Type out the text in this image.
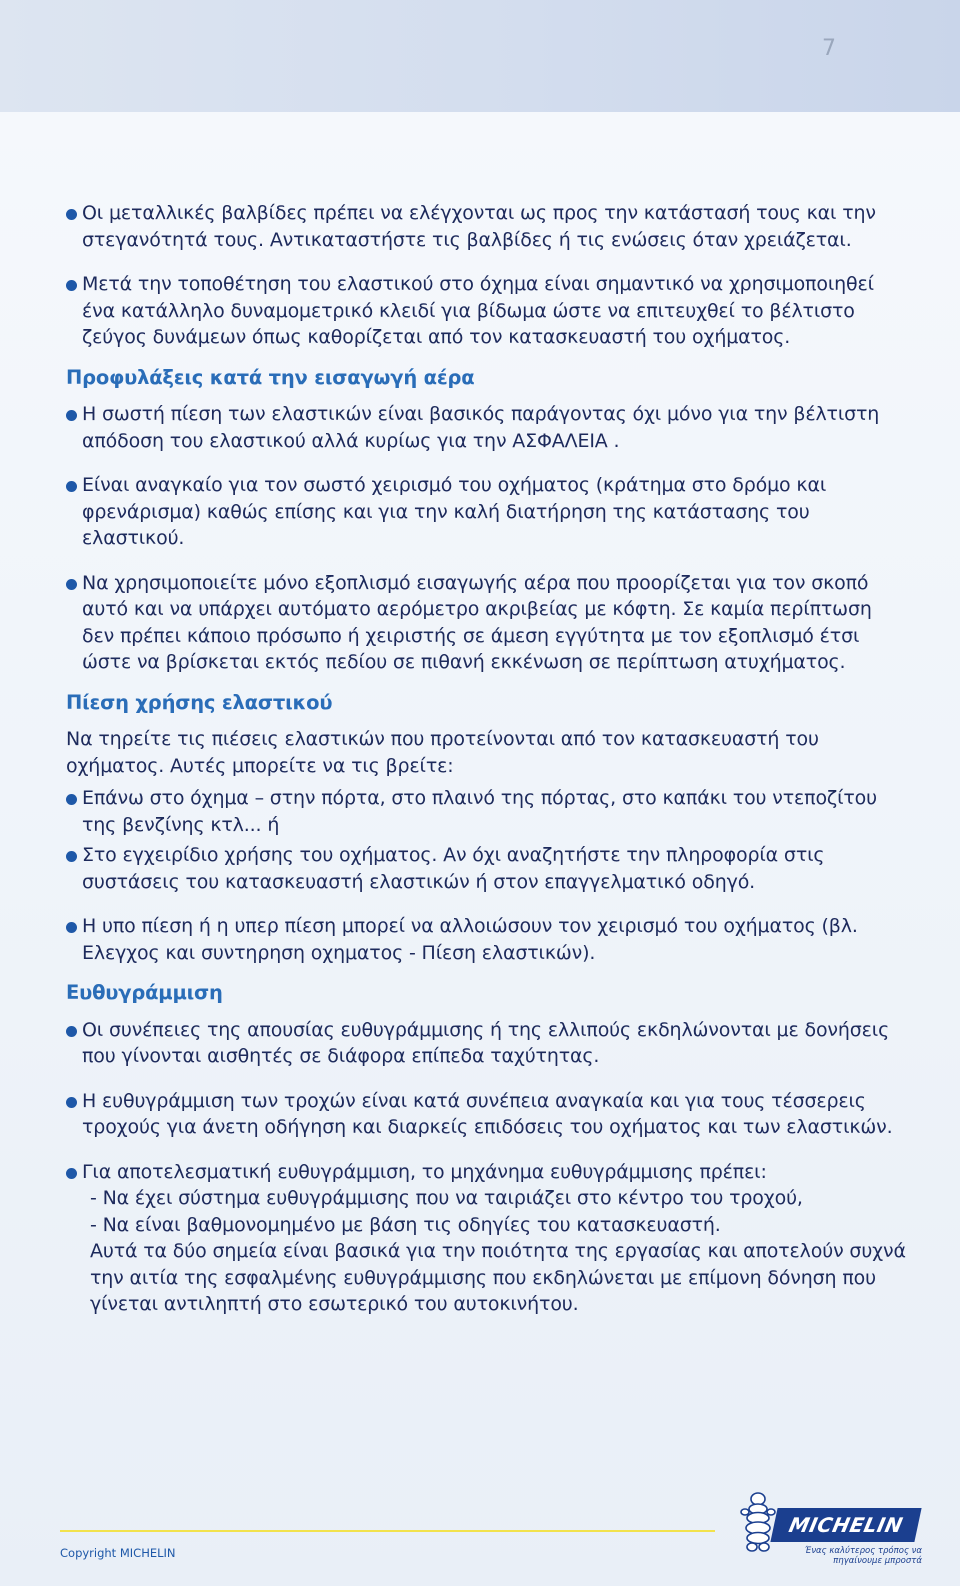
7
Οι μεταλλικές βαλβίδες πρέπει να ελέγχονται ως προς την κατάστασή τους και την στεγανότητά τους. Αντικαταστήστε τις βαλβίδες ή τις ενώσεις όταν χρειάζεται.
Μετά την τοποθέτηση του ελαστικού στο όχημα είναι σημαντικό να χρησιμοποιηθεί ένα κατάλληλο δυναμομετρικό κλειδί για βίδωμα ώστε να επιτευχθεί το βέλτιστο ζεύγος δυνάμεων όπως καθορίζεται από τον κατασκευαστή του οχήματος.
Προφυλάξεις κατά την εισαγωγή αέρα
Η σωστή πίεση των ελαστικών είναι βασικός παράγοντας όχι μόνο για την βέλτιστη απόδοση του ελαστικού αλλά κυρίως για την ΑΣΦΑΛΕΙΑ .
Είναι αναγκαίο για τον σωστό χειρισμό του οχήματος (κράτημα στο δρόμο και φρενάρισμα) καθώς επίσης και για την καλή διατήρηση της κατάστασης του ελαστικού.
Να χρησιμοποιείτε μόνο εξοπλισμό εισαγωγής αέρα που προορίζεται για τον σκοπό αυτό και να υπάρχει αυτόματο αερόμετρο ακριβείας με κόφτη. Σε καμία περίπτωση δεν πρέπει κάποιο πρόσωπο ή χειριστής σε άμεση εγγύτητα με τον εξοπλισμό έτσι ώστε να βρίσκεται εκτός πεδίου σε πιθανή εκκένωση σε περίπτωση ατυχήματος.
Πίεση χρήσης ελαστικού
Να τηρείτε τις πιέσεις ελαστικών που προτείνονται από τον κατασκευαστή του οχήματος. Αυτές μπορείτε να τις βρείτε:
Επάνω στο όχημα – στην πόρτα, στο πλαινό της πόρτας, στο καπάκι του ντεποζίτου της βενζίνης κτλ... ή
Στο εγχειρίδιο χρήσης του οχήματος. Αν όχι αναζητήστε την πληροφορία στις συστάσεις του κατασκευαστή ελαστικών ή στον επαγγελματικό οδηγό.
Η υπο πίεση ή η υπερ πίεση μπορεί να αλλοιώσουν τον χειρισμό του οχήματος (βλ. Ελεγχος και συντηρηση οχηματος - Πίεση ελαστικών).
Ευθυγράμμιση
Οι συνέπειες της απουσίας ευθυγράμμισης ή της ελλιπούς εκδηλώνονται με δονήσεις που γίνονται αισθητές σε διάφορα επίπεδα ταχύτητας.
Η ευθυγράμμιση των τροχών είναι κατά συνέπεια αναγκαία και για τους τέσσερεις τροχούς για άνετη οδήγηση και διαρκείς επιδόσεις του οχήματος και των ελαστικών.
Για αποτελεσματική ευθυγράμμιση, το μηχάνημα ευθυγράμμισης πρέπει:
- Να έχει σύστημα ευθυγράμμισης που να ταιριάζει στο κέντρο του τροχού,
- Να είναι βαθμονομημένο με βάση τις οδηγίες του κατασκευαστή.
Αυτά τα δύο σημεία είναι βασικά για την ποιότητα της εργασίας και αποτελούν συχνά την αιτία της εσφαλμένης ευθυγράμμισης που εκδηλώνεται με επίμονη δόνηση που γίνεται αντιληπτή στο εσωτερικό του αυτοκινήτου.
Copyright MICHELIN
MICHELIN
Ένας καλύτερος τρόπος να πηγαίνουμε μπροστά
